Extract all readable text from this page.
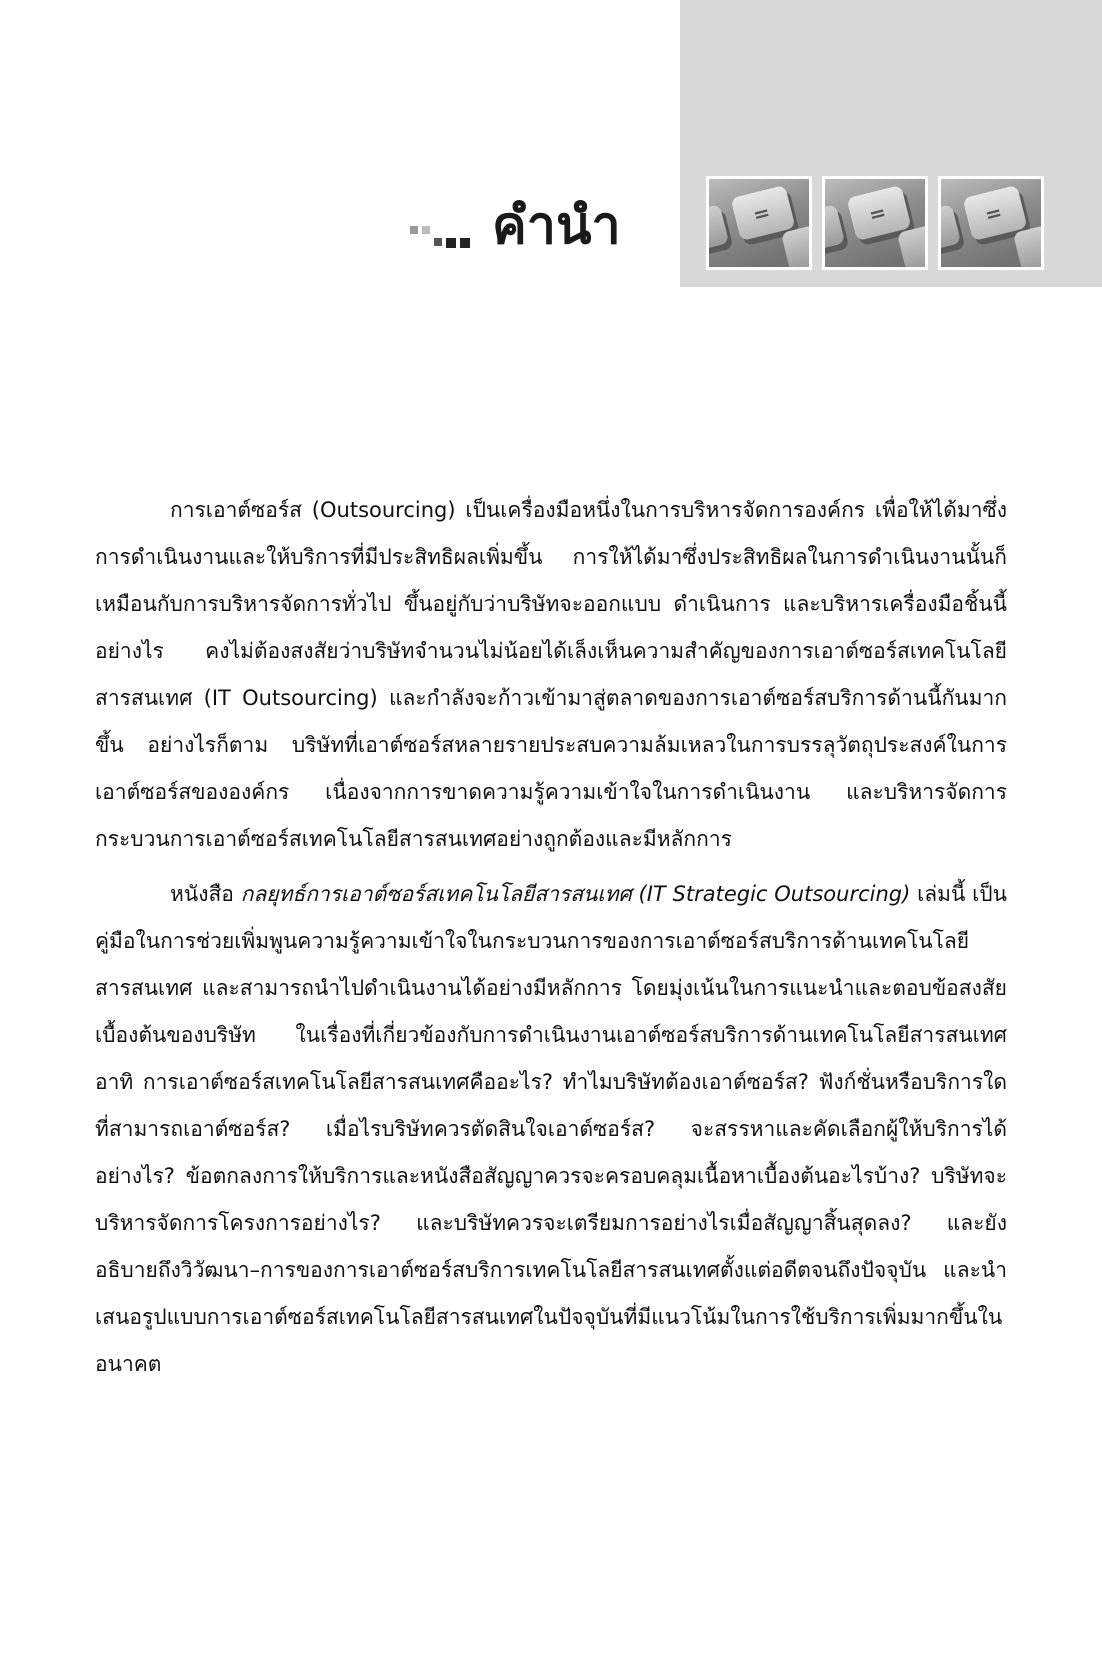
=	=	=
คำนำ

การเอาต์ซอร์ส (Outsourcing) เป็นเครื่องมือหนึ่งในการบริหารจัดการองค์กร เพื่อให้ได้มาซึ่งการดำเนินงานและให้บริการที่มีประสิทธิผลเพิ่มขึ้น การให้ได้มาซึ่งประสิทธิผลในการดำเนินงานนั้นก็เหมือนกับการบริหารจัดการทั่วไป ขึ้นอยู่กับว่าบริษัทจะออกแบบ ดำเนินการ และบริหารเครื่องมือชิ้นนี้อย่างไร คงไม่ต้องสงสัยว่าบริษัทจำนวนไม่น้อยได้เล็งเห็นความสำคัญของการเอาต์ซอร์สเทคโนโลยีสารสนเทศ (IT Outsourcing) และกำลังจะก้าวเข้ามาสู่ตลาดของการเอาต์ซอร์สบริการด้านนี้กันมากขึ้น อย่างไรก็ตาม บริษัทที่เอาต์ซอร์สหลายรายประสบความล้มเหลวในการบรรลุวัตถุประสงค์ในการเอาต์ซอร์สขององค์กร เนื่องจากการขาดความรู้ความเข้าใจในการดำเนินงาน และบริหารจัดการกระบวนการเอาต์ซอร์สเทคโนโลยีสารสนเทศอย่างถูกต้องและมีหลักการ

หนังสือ กลยุทธ์การเอาต์ซอร์สเทคโนโลยีสารสนเทศ (IT Strategic Outsourcing) เล่มนี้ เป็นคู่มือในการช่วยเพิ่มพูนความรู้ความเข้าใจในกระบวนการของการเอาต์ซอร์สบริการด้านเทคโนโลยีสารสนเทศ และสามารถนำไปดำเนินงานได้อย่างมีหลักการ โดยมุ่งเน้นในการแนะนำและตอบข้อสงสัยเบื้องต้นของบริษัท ในเรื่องที่เกี่ยวข้องกับการดำเนินงานเอาต์ซอร์สบริการด้านเทคโนโลยีสารสนเทศ อาทิ การเอาต์ซอร์สเทคโนโลยีสารสนเทศคืออะไร? ทำไมบริษัทต้องเอาต์ซอร์ส? ฟังก์ชั่นหรือบริการใดที่สามารถเอาต์ซอร์ส? เมื่อไรบริษัทควรตัดสินใจเอาต์ซอร์ส? จะสรรหาและคัดเลือกผู้ให้บริการได้อย่างไร? ข้อตกลงการให้บริการและหนังสือสัญญาควรจะครอบคลุมเนื้อหาเบื้องต้นอะไรบ้าง? บริษัทจะบริหารจัดการโครงการอย่างไร? และบริษัทควรจะเตรียมการอย่างไรเมื่อสัญญาสิ้นสุดลง? และยังอธิบายถึงวิวัฒนา–การของการเอาต์ซอร์สบริการเทคโนโลยีสารสนเทศตั้งแต่อดีตจนถึงปัจจุบัน และนำเสนอรูปแบบการเอาต์ซอร์สเทคโนโลยีสารสนเทศในปัจจุบันที่มีแนวโน้มในการใช้บริการเพิ่มมากขึ้นในอนาคต
